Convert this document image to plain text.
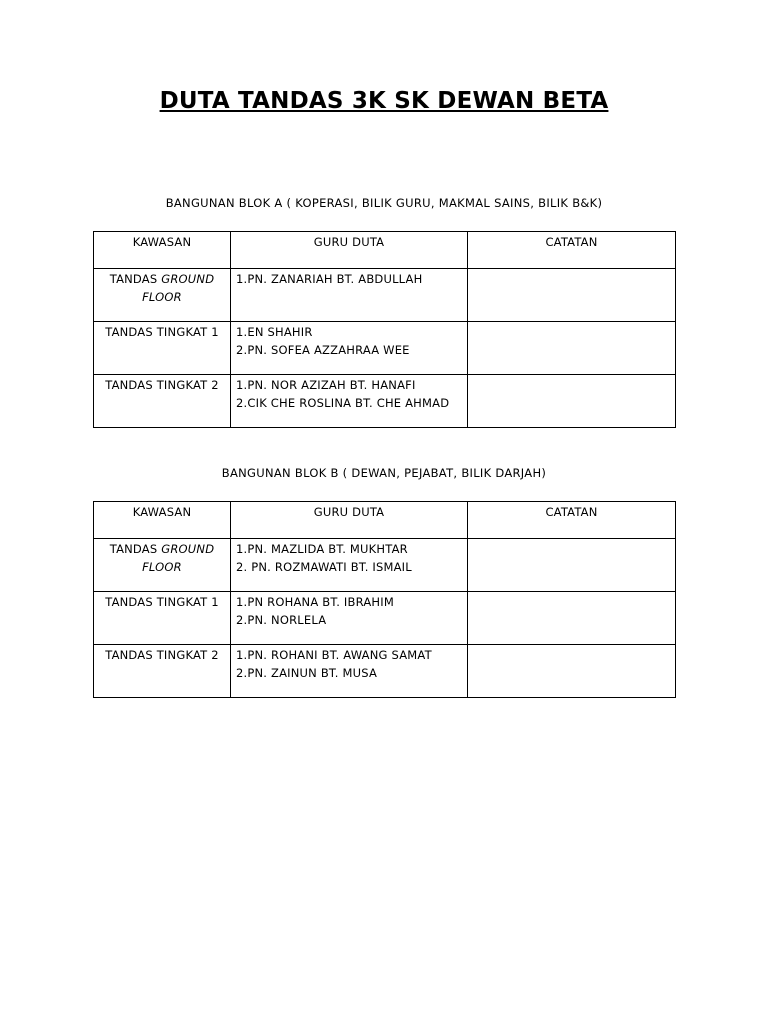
DUTA TANDAS 3K SK DEWAN BETA

BANGUNAN BLOK A ( KOPERASI, BILIK GURU, MAKMAL SAINS, BILIK B&K)

KAWASAN	GURU DUTA	CATATAN
TANDAS GROUND FLOOR	1.PN. ZANARIAH BT. ABDULLAH	

TANDAS TINGKAT 1	1.EN SHAHIR
2.PN. SOFEA AZZAHRAA WEE	

TANDAS TINGKAT 2	1.PN. NOR AZIZAH BT. HANAFI
2.CIK CHE ROSLINA BT. CHE AHMAD	

BANGUNAN BLOK B ( DEWAN, PEJABAT, BILIK DARJAH)

KAWASAN	GURU DUTA	CATATAN
TANDAS GROUND FLOOR	1.PN. MAZLIDA BT. MUKHTAR
2. PN. ROZMAWATI BT. ISMAIL	

TANDAS TINGKAT 1	1.PN ROHANA BT. IBRAHIM
2.PN. NORLELA	

TANDAS TINGKAT 2	1.PN. ROHANI BT. AWANG SAMAT
2.PN. ZAINUN BT. MUSA	
